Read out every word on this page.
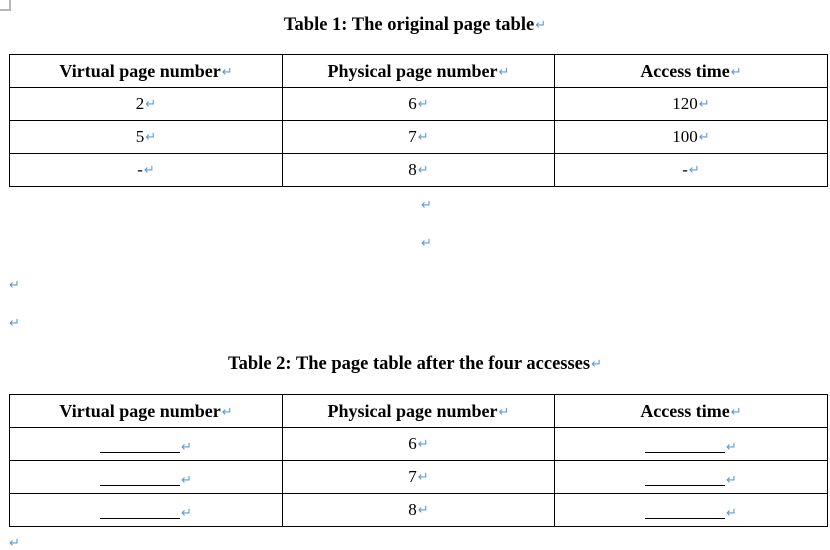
Table 1: The original page table↵
Virtual page number↵	Physical page number↵	Access time↵
2↵	6↵	120↵
5↵	7↵	100↵
-↵	8↵	-↵
↵
↵
↵
↵
Table 2: The page table after the four accesses↵
Virtual page number↵	Physical page number↵	Access time↵
↵	6↵	↵
↵	7↵	↵
↵	8↵	↵
↵
